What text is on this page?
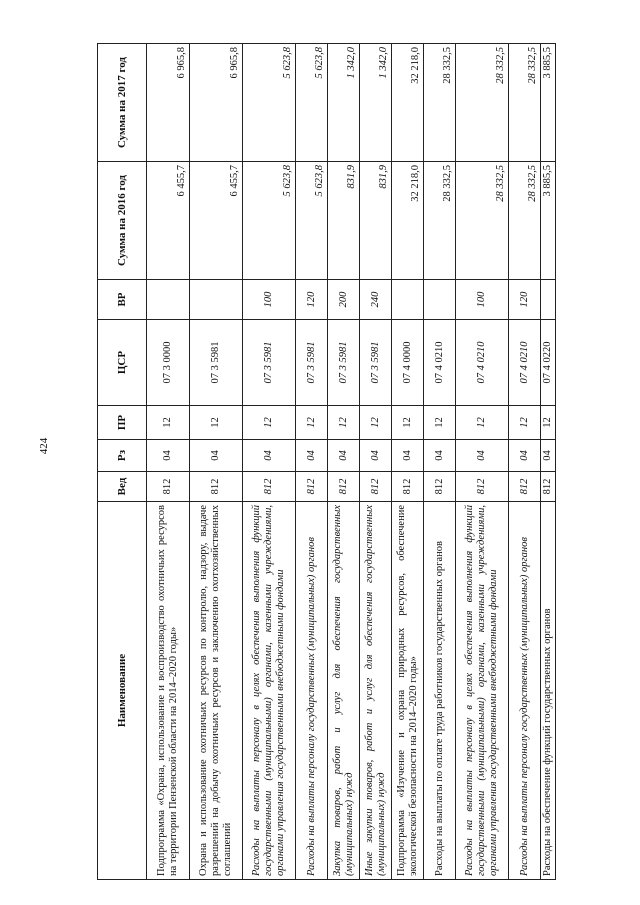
424
Наименование	Вед	Рз	ПР	ЦСР	ВР	Сумма на 2016 год	Сумма на 2017 год
Подпрограмма «Охрана, использование и воспроизводство охотничьих ресурсов на территории Пензенской области на 2014–2020 годы»	812	04	12	07 3 0000		6 455,7	6 965,8
Охрана и использование охотничьих ресурсов по контролю, надзору, выдаче разрешений на добычу охотничьих ресурсов и заключению охотхозяйственных соглашений	812	04	12	07 3 5981		6 455,7	6 965,8
Расходы на выплаты персоналу в целях обеспечения выполнения функций государственными (муниципальными) органами, казенными учреждениями, органами управления государственными внебюджетными фондами	812	04	12	07 3 5981	100	5 623,8	5 623,8
Расходы на выплаты персоналу государственных (муниципальных) органов	812	04	12	07 3 5981	120	5 623,8	5 623,8
Закупка товаров, работ и услуг для обеспечения государственных (муниципальных) нужд	812	04	12	07 3 5981	200	831,9	1 342,0
Иные закупки товаров, работ и услуг для обеспечения государственных (муниципальных) нужд	812	04	12	07 3 5981	240	831,9	1 342,0
Подпрограмма «Изучение и охрана природных ресурсов, обеспечение экологической безопасности на 2014–2020 годы»	812	04	12	07 4 0000		32 218,0	32 218,0
Расходы на выплаты по оплате труда работников государственных органов	812	04	12	07 4 0210		28 332,5	28 332,5
Расходы на выплаты персоналу в целях обеспечения выполнения функций государственными (муниципальными) органами, казенными учреждениями, органами управления государственными внебюджетными фондами	812	04	12	07 4 0210	100	28 332,5	28 332,5
Расходы на выплаты персоналу государственных (муниципальных) органов	812	04	12	07 4 0210	120	28 332,5	28 332,5
Расходы на обеспечение функций государственных органов	812	04	12	07 4 0220		3 885,5	3 885,5
